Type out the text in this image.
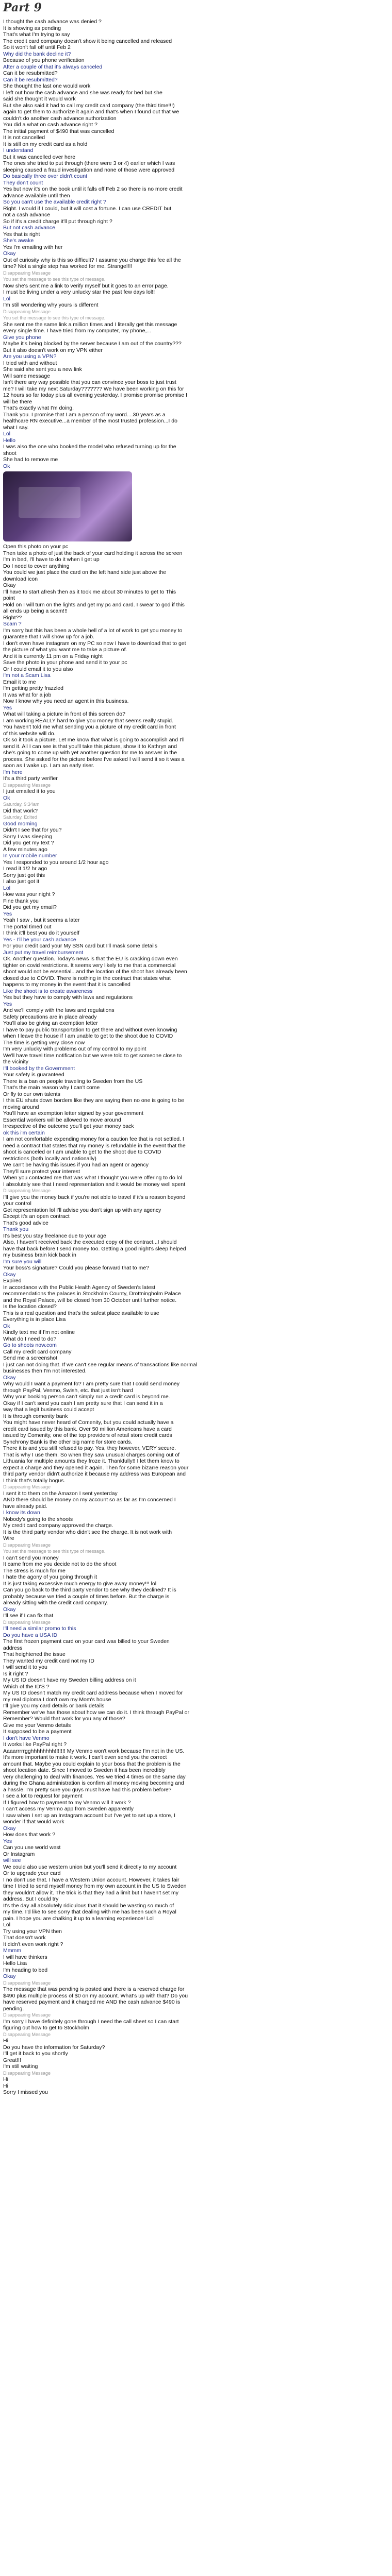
Part 9

I thought the cash advance was denied ?

It is showing as pending

That's what I'm trying to say

The credit card company doesn't show it being cancelled and released

So it won't fall off until Feb 2

Why did the bank decline it?

Because of you phone verification

After a couple of that it's always canceled

Can it be resubmitted?

Can it be resubmitted?

She thought the last one would work

I left out how the cash advance and she was ready for bed but she

said she thought it would work

But she also said it had to call my credit card company (the third time!!!)

again to get them to authorize it again and that's when I found out that we

couldn't do another cash advance authorization

You did a what on cash advance right ?

The initial payment of $490 that was cancelled

It is not cancelled

It is still on my credit card as a hold

I understand

But it was cancelled over here

The ones she tried to put through (there were 3 or 4) earlier which I was

sleeping caused a fraud investigation and none of those were approved

Do basically three over didn't count

They don't count

Yes but now it's on the book until it falls off Feb 2 so there is no more credit

advance available until then

So you can't use the available credit right ?

Right. I would if I could, but it will cost a fortune. I can use CREDIT but

not a cash advance

So if it's a credit charge it'll put through right ?

But not cash advance

Yes that is right

She's awake

Yes I'm emailing with her

Okay

Out of curiosity why is this so difficult? I assume you charge this fee all the

time? Not a single step has worked for me. Strange!!!!

Disappearing Message

You set the message to see this type of message.

Now she's sent me a link to verify myself but it goes to an error page.

I must be living under a very unlucky star the past few days lol!!

Lol

I'm still wondering why yours is different

Disappearing Message

You set the message to see this type of message.

She sent me the same link a million times and I literally get this message

every single time. I have tried from my computer, my phone,...

Give you phone

Maybe it's being blocked by the server because I am out of the country???

But it also doesn't work on my VPN either

Are you using a VPN?

I tried with and without

She said she sent you a new link

Will same message

Isn't there any way possible that you can convince your boss to just trust

me? I will take my next Saturday??????? We have been working on this for

12 hours so far today plus all evening yesterday. I promise promise promise I

will be there

That's exactly what I'm doing.

Thank you. I promise that I am a person of my word....30 years as a

healthcare RN executive...a member of the most trusted profession...I do

what I say.

Lol

Hello

I was also the one who booked the model who refused turning up for the

shoot

She had to remove me

Ok

Open this photo on your pc

Then take a photo of just the back of your card holding it across the screen

I'm in bed, I'll have to do it when I get up

Do I need to cover anything

You could we just place the card on the left hand side just above the

download icon

Okay

I'll have to start afresh then as it took me about 30 minutes to get to This

point

Hold on I will turn on the lights and get my pc and card. I swear to god if this

all ends up being a scam!!!

Right??

Scam ?

I'm sorry but this has been a whole hell of a lot of work to get you money to

guarantee that I will show up for a job.

I don't even have instagram on my PC so now I have to download that to get

the picture of what you want me to take a picture of.

And it is currently 11 pm on a Friday night

Save the photo in your phone and send it to your pc

Or I could email it to you also

I'm not a Scam Lisa

Email it to me

I'm getting pretty frazzled

It was what for a job

Now I know why you need an agent in this business.

Yes

What will taking a picture in front of this screen do?

I am working REALLY hard to give you money that seems really stupid.

You haven't told me what sending you a picture of my credit card in front

of this website will do.

Ok so it took a picture. Let me know that what is going to accomplish and I'll

send it. All I can see is that you'll take this picture, show it to Kathryn and

she's going to come up with yet another question for me to answer in the

process. She asked for the picture before I've asked I will send it so it was a

soon as I wake up. I am an early riser.

I'm here

It's a third party verifier

Disappearing Message

I just emailed it to you

Ok

Saturday, 9:34am

Did that work?

Saturday, Edited

Good morning

Didn't I see that for you?

Sorry I was sleeping

Did you get my text ?

A few minutes ago

In your mobile number

Yes I responded to you around 1/2 hour ago

I read it 1/2 hr ago

Sorry just got this

I also just got it

Lol

How was your night ?

Fine thank you

Did you get my email?

Yes

Yeah I saw , but it seems a later

The portal timed out

I think it'll best you do it yourself

Yes - I'll be your cash advance

For your credit card your My SSN card but I'll mask some details

Just put my travel reimbursement

Ok. Another question. Today's news is that the EU is cracking down even

tighter on covid restrictions. It seems very likely to me that a commercial

shoot would not be essential...and the location of the shoot has already been

closed due to COVID. There is nothing in the contract that states what

happens to my money in the event that it is cancelled

Like the shoot is to create awareness

Yes but they have to comply with laws and regulations

Yes

And we'll comply with the laws and regulations

Safety precautions are in place already

You'll also be giving an exemption letter

I have to pay public transportation to get there and without even knowing

when I leave the house if I am unable to get to the shoot due to COVID

The time is getting very close now

I'm very unlucky with problems out of my control to my point

We'll have travel time notification but we were told to get someone close to

the vicinity

I'll booked by the Government

Your safety is guaranteed

There is a ban on people traveling to Sweden from the US

That's the main reason why I can't come

Or fly to our own talents

I this EU shuts down borders like they are saying then no one is going to be

moving around

You'll have an exemption letter signed by your government

Essential workers will be allowed to move around

Irrespective of the outcome you'll get your money back

ok this i'm certain

I am not comfortable expending money for a caution fee that is not settled. I

need a contract that states that my money is refundable in the event that the

shoot is canceled or I am unable to get to the shoot due to COVID

restrictions (both locally and nationally)

We can't be having this issues if you had an agent or agency

They'll sure protect your interest

When you contacted me that was what I thought you were offering to do lol

I absolutely see that I need representation and it would be money well spent

Disappearing Message

I'll give you the money back if you're not able to travel if it's a reason beyond

your control

Get representation lol I'll advise you don't sign up with any agency

Except it's an open contract

That's good advice

Thank you

It's best you stay freelance due to your age

Also, I haven't received back the executed copy of the contract...I should

have that back before I send money too. Getting a good night's sleep helped

my business brain kick back in

I'm sure you will

Your boss's signature? Could you please forward that to me?

Okay

Expired

In accordance with the Public Health Agency of Sweden's latest

recommendations the palaces in Stockholm County, Drottningholm Palace

and the Royal Palace, will be closed from 30 October until further notice.

Is the location closed?

This is a real question and that's the safest place available to use

Everything is in place Lisa

Ok

Kindly text me if I'm not online

What do I need to do?

Go to shoots now.com

Call my credit card company

Send me a screenshot

I just can not doing that. If we can't see regular means of transactions like normal

businesses then I'm not interested.

Okay

Why would I want a payment fo? I am pretty sure that I could send money

through PayPal, Venmo, Swish, etc. that just isn't hard

Why your booking person can't simply run a credit card is beyond me.

Okay if I can't send you cash I am pretty sure that I can send it in a

way that a legit business could accept

It is through comenity bank

You might have never heard of Comenity, but you could actually have a

credit card issued by this bank. Over 50 million Americans have a card

issued by Comenity, one of the top providers of retail store credit cards

Synchrony Bank is the other big name for store cards.

There it is and you still refused to pay. Yes, they however, VERY secure.

That is why I use them. So when they saw unusual charges coming out of

Lithuania for multiple amounts they froze it. Thankfully!! I let them know to

expect a charge and they opened it again. Then for some bizarre reason your

third party vendor didn't authorize it because my address was European and

I think that's totally bogus.

Disappearing Message

I sent it to them on the Amazon I sent yesterday

AND there should be money on my account so as far as I'm concerned I

have already paid.

I know its down

Nobody's going to the shoots

My credit card company approved the charge.

It is the third party vendor who didn't see the charge. It is not work with

Wire

Disappearing Message

You set the message to see this type of message.

I can't send you money

It came from me you decide not to do the shoot

The stress is much for me

I hate the agony of you going through it

It is just taking excessive much energy to give away money!!! lol

Can you go back to the third party vendor to see why they declined? It is

probably because we tried a couple of times before. But the charge is

already sitting with the credit card company.

Okay

I'll see if I can fix that

Disappearing Message

I'll need a similar promo to this

Do you have a USA ID

The first frozen payment card on your card was billed to your Sweden

address

That heightened the issue

They wanted my credit card not my ID

I will send it to you

Is it right ?

My US ID doesn't have my Sweden billing address on it

Which of the ID'S ?

My US ID doesn't match my credit card address because when I moved for

my real diploma I don't own my Mom's house

I'll give you my card details or bank details

Remember we've has those about how we can do it. I think through PayPal or

Remember? Would that work for you any of those?

Give me your Venmo details

It supposed to be a payment

I don't have Venmo

It works like PayPal right ?

Aaaarrrrrgghhhhhhhh!!!!!!! My Venmo won't work because I'm not in the US.

It's more important to make it work. I can't even send you the correct

amount that. Maybe you could explain to your boss that the problem is the

shoot location date. Since I moved to Sweden it has been incredibly

very challenging to deal with finances. Yes we tried 4 times on the same day

during the Ghana administration is confirm all money moving becoming and

a hassle. I'm pretty sure you guys must have had this problem before?

I see a lot to request for payment

If I figured how to payment to my Venmo will it work ?

I can't access my Venmo app from Sweden apparently

I saw when I set up an Instagram account but I've yet to set up a store, I

wonder if that would work

Okay

How does that work ?

Yes

Can you use world west

Or Instagram

will see

We could also use western union but you'll send it directly to my account

Or to upgrade your card

I no don't use that. I have a Western Union account. However, it takes fair

time I tried to send myself money from my own account in the US to Sweden

they wouldn't allow it. The trick is that they had a limit but I haven't set my

address. But I could try

It's the day all absolutely ridiculous that it should be wasting so much of

my time. I'd like to see sorry that dealing with me has been such a Royal

pain. I hope you are chalking it up to a learning experience! Lol

Lol

Try using your VPN then

That doesn't work

It didn't even work right ?

Mmmm

I will have thinkers

Hello Lisa

I'm heading to bed

Okay

Disappearing Message

The message that was pending is posted and there is a reserved charge for

$490 plus multiple process of $0 on my account. What's up with that? Do you

have reserved payment and it charged me AND the cash advance $490 is

pending.

Disappearing Message

I'm sorry I have definitely gone through I need the call sheet so I can start

figuring out how to get to Stockholm

Disappearing Message

Hi

Do you have the information for Saturday?

I'll get it back to you shortly

Great!!!

I'm still waiting

Disappearing Message

Hi

Hi

Sorry I missed you
